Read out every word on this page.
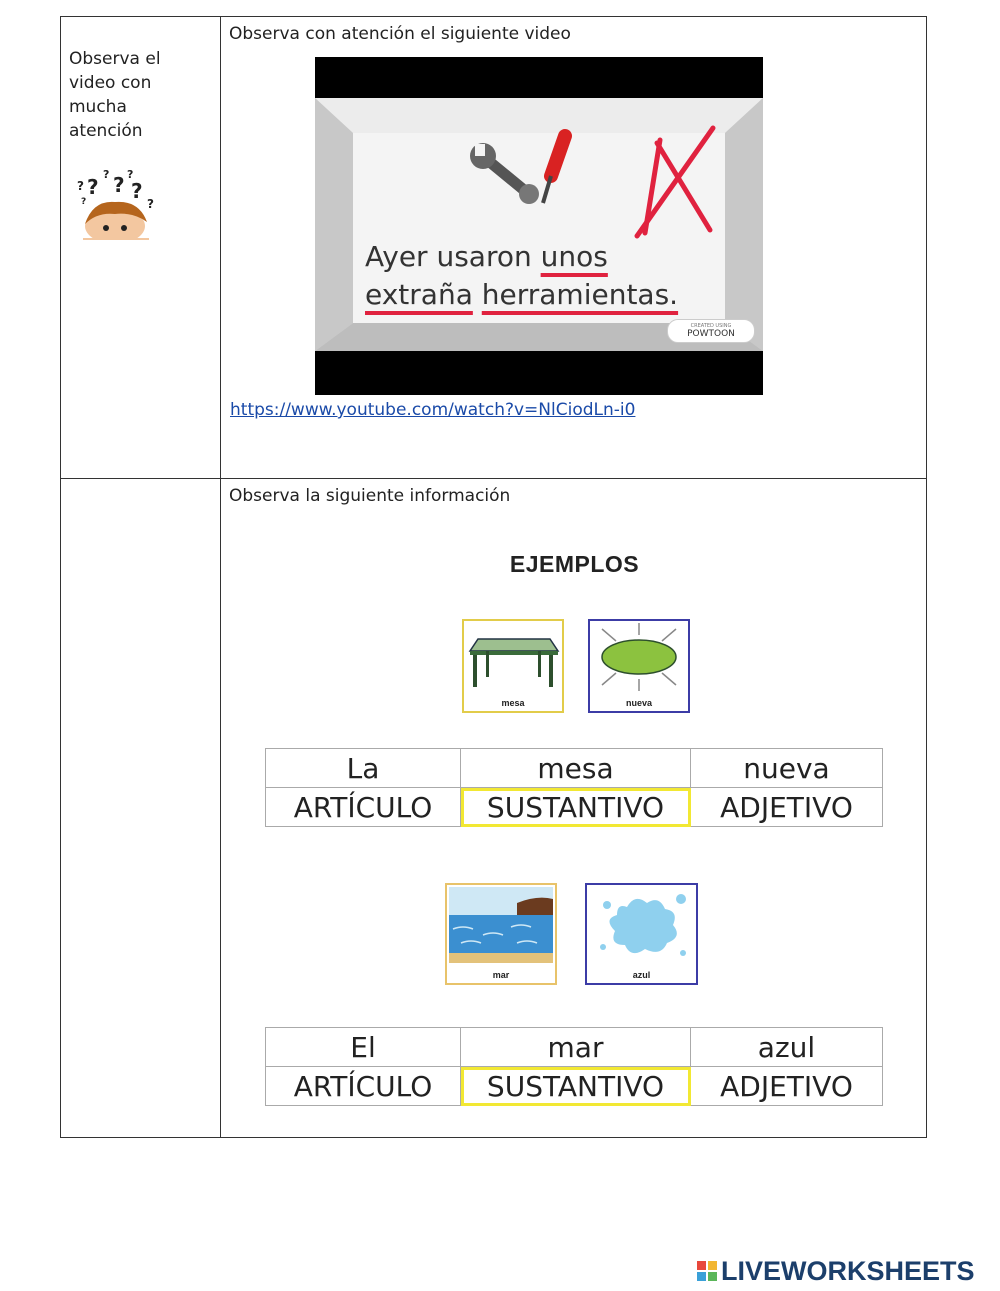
Observa el video con mucha atención
? ?
? ? ?
?
?
?

Observa con atención el siguiente video
Ayer usaron unos
extraña herramientas.
CREATED USING
POWTOON
https://www.youtube.com/watch?v=NlCiodLn-i0

Observa la siguiente información
EJEMPLOS
mesa	nueva
La	mesa	nueva
ARTÍCULO	SUSTANTIVO	ADJETIVO
mar	azul
El	mar	azul
ARTÍCULO	SUSTANTIVO	ADJETIVO
LIVEWORKSHEETS
